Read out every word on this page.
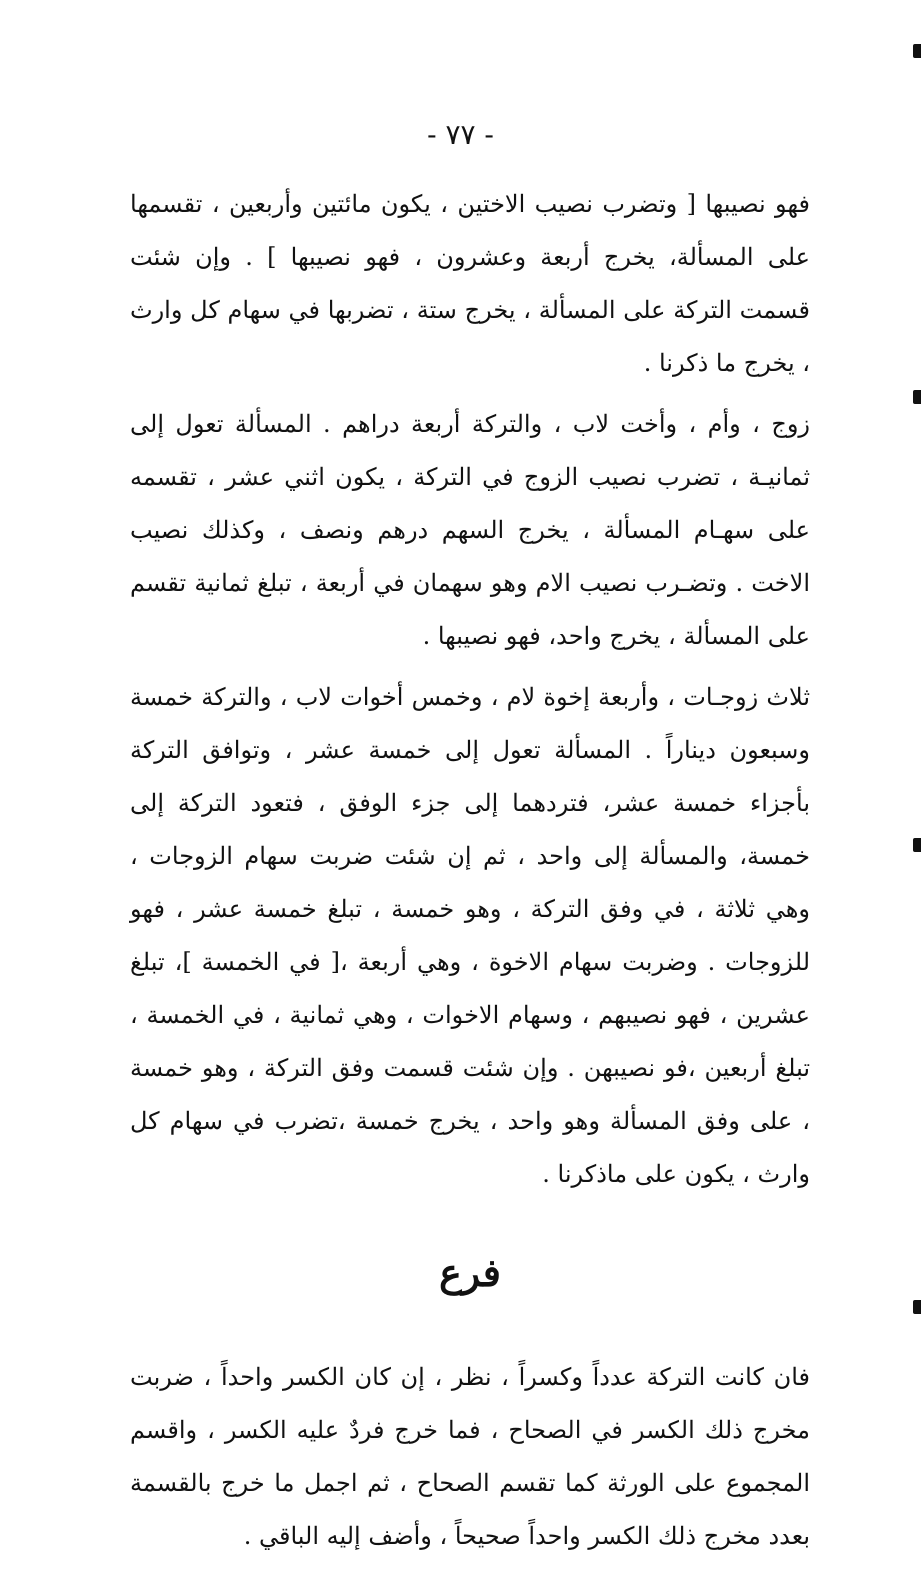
- ٧٧ -

فهو نصيبها [ وتضرب نصيب الاختين ، يكون مائتين وأربعين ، تقسمها على المسألة، يخرج أربعة وعشرون ، فهو نصيبها ] . وإن شئت قسمت التركة على المسألة ، يخرج ستة ، تضربها في سهام كل وارث ، يخرج ما ذكرنا .

زوج ، وأم ، وأخت لاب ، والتركة أربعة دراهم . المسألة تعول إلى ثمانيـة ، تضرب نصيب الزوج في التركة ، يكون اثني عشر ، تقسمه على سهـام المسألة ، يخرج السهم درهم ونصف ، وكذلك نصيب الاخت . وتضـرب نصيب الام وهو سهمان في أربعة ، تبلغ ثمانية تقسم على المسألة ، يخرج واحد، فهو نصيبها .

ثلاث زوجـات ، وأربعة إخوة لام ، وخمس أخوات لاب ، والتركة خمسة وسبعون ديناراً . المسألة تعول إلى خمسة عشر ، وتوافق التركة بأجزاء خمسة عشر، فتردهما إلى جزء الوفق ، فتعود التركة إلى خمسة، والمسألة إلى واحد ، ثم إن شئت ضربت سهام الزوجات ، وهي ثلاثة ، في وفق التركة ، وهو خمسة ، تبلغ خمسة عشر ، فهو للزوجات . وضربت سهام الاخوة ، وهي أربعة ،[ في الخمسة ]، تبلغ عشرين ، فهو نصيبهم ، وسهام الاخوات ، وهي ثمانية ، في الخمسة ، تبلغ أربعين ،فو نصيبهن . وإن شئت قسمت وفق التركة ، وهو خمسة ، على وفق المسألة وهو واحد ، يخرج خمسة ،تضرب في سهام كل وارث ، يكون على ماذكرنا .

فرع

فان كانت التركة عدداً وكسراً ، نظر ، إن كان الكسر واحداً ، ضربت مخرج ذلك الكسر في الصحاح ، فما خرج فردٌ عليه الكسر ، واقسم المجموع على الورثة كما تقسم الصحاح ، ثم اجمل ما خرج بالقسمة بعدد مخرج ذلك الكسر واحداً صحيحاً ، وأضف إليه الباقي .
